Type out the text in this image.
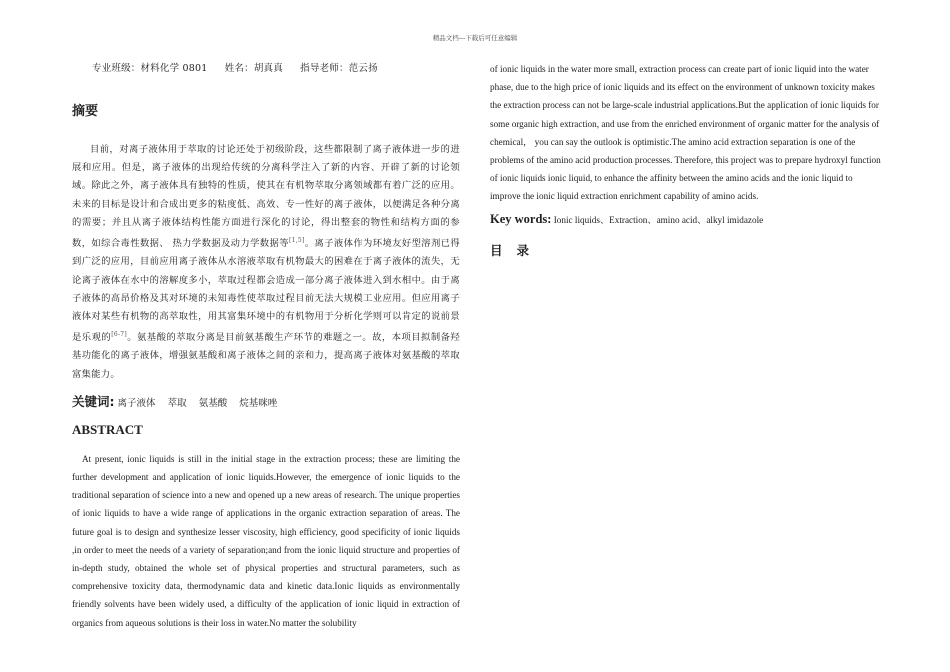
精品文档---下载后可任意编辑

专业班级：材料化学 0801 姓名：胡真真 指导老师：范云扬

摘要

目前，对离子液体用于萃取的讨论还处于初级阶段，这些都限制了离子液体进一步的进展和应用。但是，离子液体的出现给传统的分离科学注入了新的内容、开辟了新的讨论领域。除此之外，离子液体具有独特的性质，使其在有机物萃取分离领域都有着广泛的应用。未来的目标是设计和合成出更多的粘度低、高效、专一性好的离子液体，以便满足各种分离的需要；并且从离子液体结构性能方面进行深化的讨论，得出整套的物性和结构方面的参数，如综合毒性数据、 热力学数据及动力学数据等[1,5]。离子液体作为环境友好型溶剂已得到广泛的应用，目前应用离子液体从水溶液萃取有机物最大的困难在于离子液体的流失，无论离子液体在水中的溶解度多小，萃取过程都会造成一部分离子液体进入到水相中。由于离子液体的高昂价格及其对环境的未知毒性使萃取过程目前无法大规模工业应用。但应用离子液体对某些有机物的高萃取性，用其富集环境中的有机物用于分析化学则可以肯定的说前景是乐观的[6-7]。氨基酸的萃取分离是目前氨基酸生产环节的难题之一。故，本项目拟制备羟基功能化的离子液体，增强氨基酸和离子液体之间的亲和力，提高离子液体对氨基酸的萃取富集能力。

关键词: 离子液体    萃取    氨基酸    烷基咪唑

ABSTRACT

At present, ionic liquids is still in the initial stage in the extraction process; these are limiting the further development and application of ionic liquids.However, the emergence of ionic liquids to the traditional separation of science into a new and opened up a new areas of research. The unique properties of ionic liquids to have a wide range of applications in the organic extraction separation of areas. The future goal is to design and synthesize lesser viscosity, high efficiency, good specificity of ionic liquids ,in order to meet the needs of a variety of separation;and from the ionic liquid structure and properties of in-depth study, obtained the whole set of physical properties and structural parameters, such as comprehensive toxicity data, thermodynamic data and kinetic data.Ionic liquids as environmentally friendly solvents have been widely used, a difficulty of the application of ionic liquid in extraction of organics from aqueous solutions is their loss in water.No matter the solubility

of ionic liquids in the water more small, extraction process can create part of ionic liquid into the water phase, due to the high price of ionic liquids and its effect on the environment of unknown toxicity makes the extraction process can not be large-scale industrial applications.But the application of ionic liquids for some organic high extraction, and use from the enriched environment of organic matter for the analysis of chemical， you can say the outlook is optimistic.The amino acid extraction separation is one of the problems of the amino acid production processes. Therefore, this project was to prepare hydroxyl function of ionic liquids ionic liquid, to enhance the affinity between the amino acids and the ionic liquid to improve the ionic liquid extraction enrichment capability of amino acids.

Key words: Ionic liquids、Extraction、amino acid、alkyl imidazole

目录
